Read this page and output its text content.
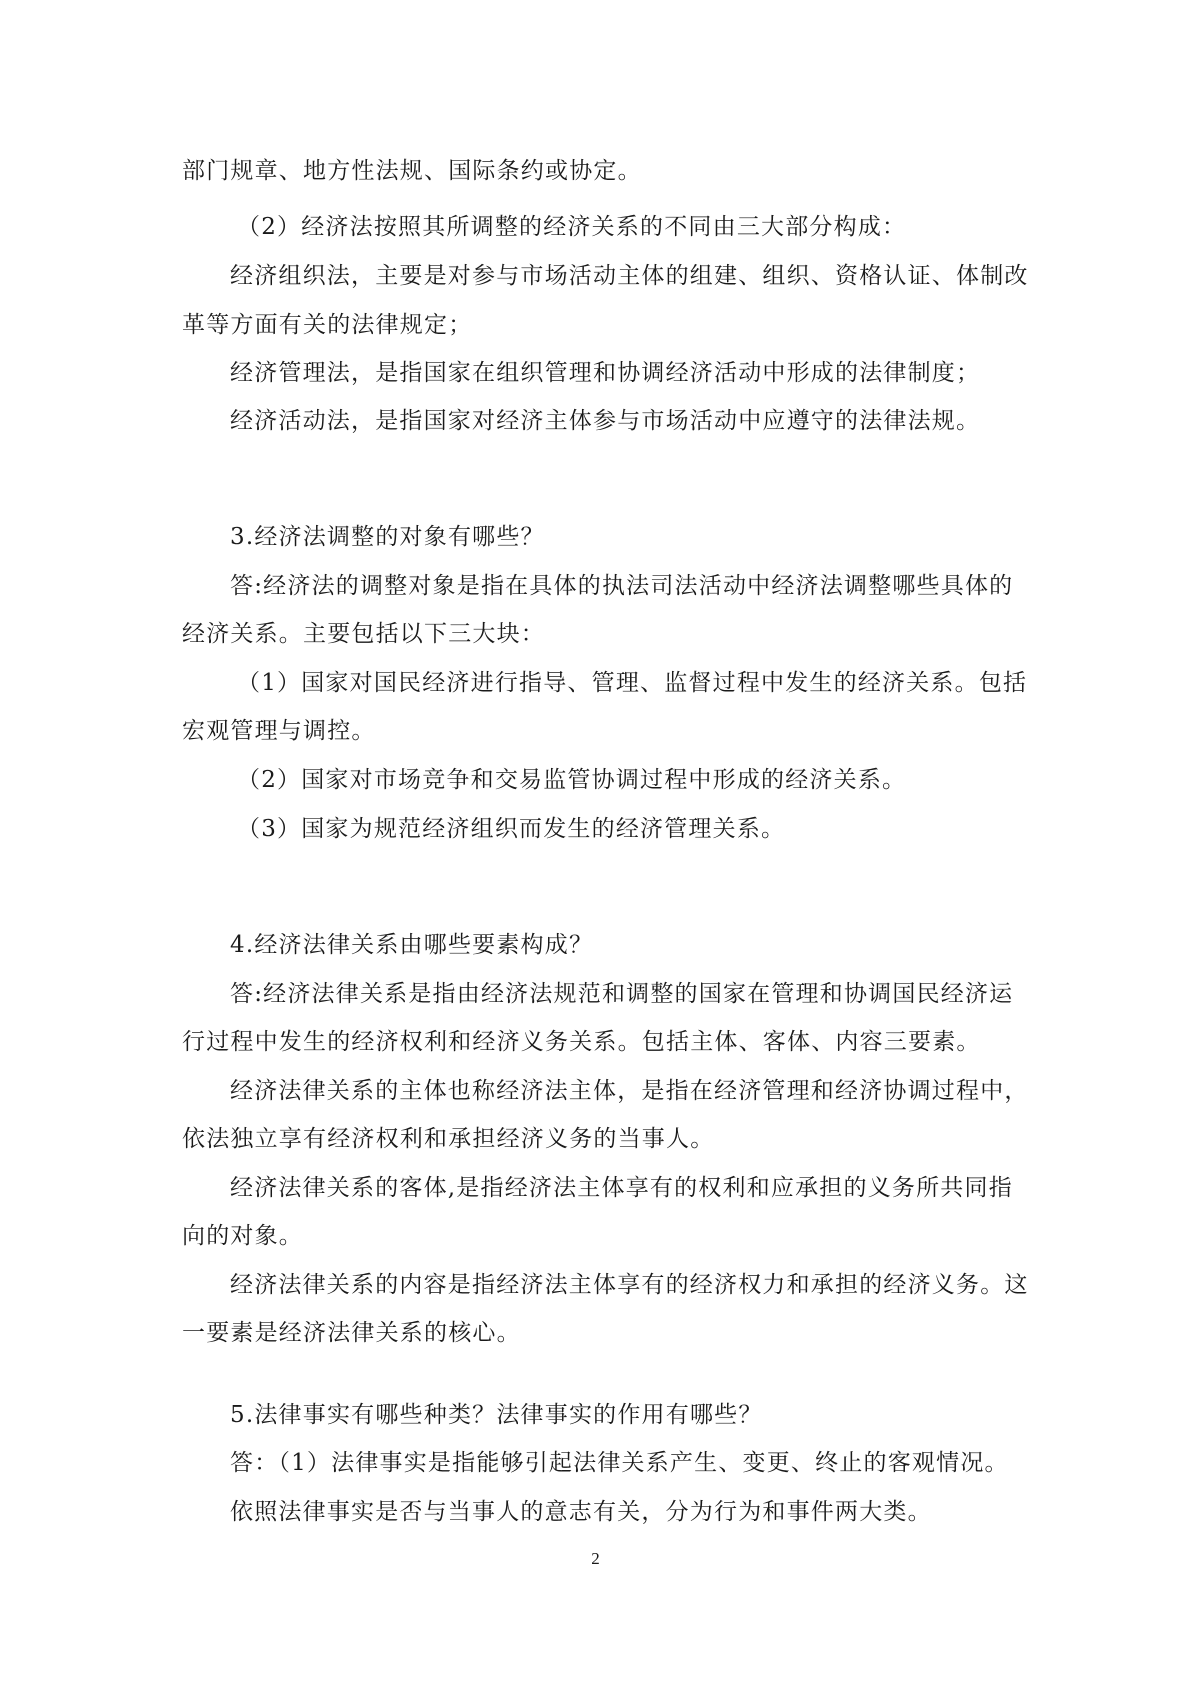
部门规章、地方性法规、国际条约或协定。
（2）经济法按照其所调整的经济关系的不同由三大部分构成：
经济组织法，主要是对参与市场活动主体的组建、组织、资格认证、体制改
革等方面有关的法律规定；
经济管理法，是指国家在组织管理和协调经济活动中形成的法律制度；
经济活动法，是指国家对经济主体参与市场活动中应遵守的法律法规。
3.经济法调整的对象有哪些？
答:经济法的调整对象是指在具体的执法司法活动中经济法调整哪些具体的
经济关系。主要包括以下三大块：
（1）国家对国民经济进行指导、管理、监督过程中发生的经济关系。包括
宏观管理与调控。
（2）国家对市场竞争和交易监管协调过程中形成的经济关系。
（3）国家为规范经济组织而发生的经济管理关系。
4.经济法律关系由哪些要素构成？
答:经济法律关系是指由经济法规范和调整的国家在管理和协调国民经济运
行过程中发生的经济权利和经济义务关系。包括主体、客体、内容三要素。
经济法律关系的主体也称经济法主体，是指在经济管理和经济协调过程中，
依法独立享有经济权利和承担经济义务的当事人。
经济法律关系的客体,是指经济法主体享有的权利和应承担的义务所共同指
向的对象。
经济法律关系的内容是指经济法主体享有的经济权力和承担的经济义务。这
一要素是经济法律关系的核心。
5.法律事实有哪些种类？法律事实的作用有哪些？
答：（1）法律事实是指能够引起法律关系产生、变更、终止的客观情况。
依照法律事实是否与当事人的意志有关，分为行为和事件两大类。
2
